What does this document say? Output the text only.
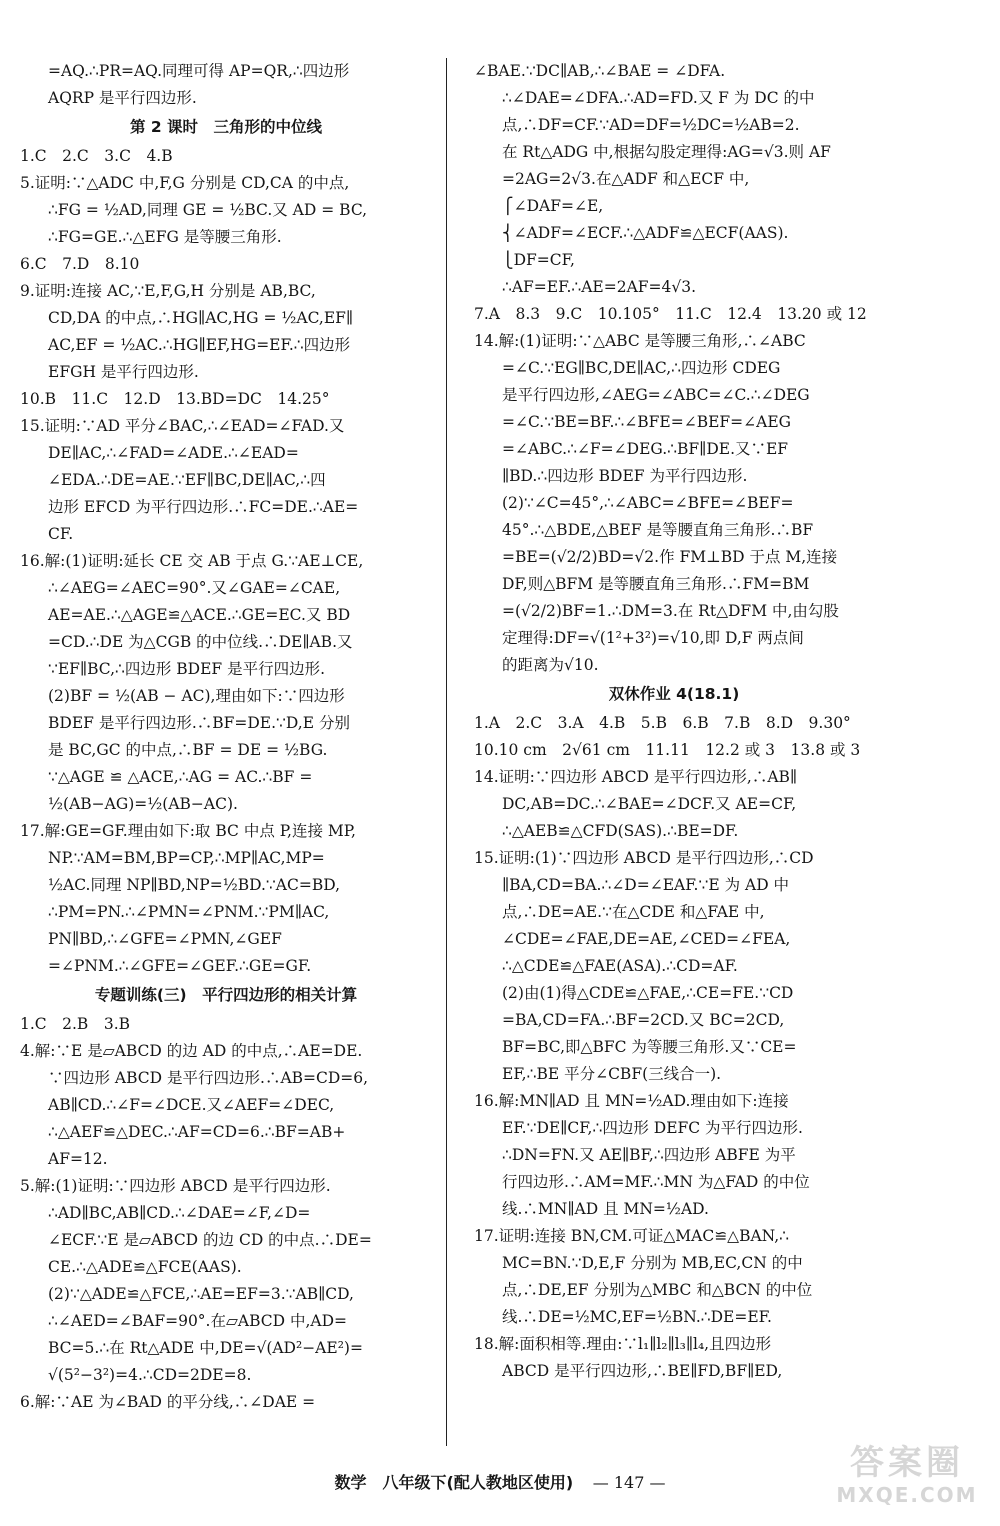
=AQ.∴PR=AQ.同理可得 AP=QR,∴四边形
AQRP 是平行四边形.
第 2 课时　三角形的中位线
1.C　2.C　3.C　4.B
5.证明:∵△ADC 中,F,G 分别是 CD,CA 的中点,
∴FG = ½AD,同理 GE = ½BC.又 AD = BC,
∴FG=GE.∴△EFG 是等腰三角形.
6.C　7.D　8.10
9.证明:连接 AC,∵E,F,G,H 分别是 AB,BC,
CD,DA 的中点,∴HG∥AC,HG = ½AC,EF∥
AC,EF = ½AC.∴HG∥EF,HG=EF.∴四边形
EFGH 是平行四边形.
10.B　11.C　12.D　13.BD=DC　14.25°
15.证明:∵AD 平分∠BAC,∴∠EAD=∠FAD.又
DE∥AC,∴∠FAD=∠ADE.∴∠EAD=
∠EDA.∴DE=AE.∵EF∥BC,DE∥AC,∴四
边形 EFCD 为平行四边形.∴FC=DE.∴AE=
CF.
16.解:(1)证明:延长 CE 交 AB 于点 G.∵AE⊥CE,
∴∠AEG=∠AEC=90°.又∠GAE=∠CAE,
AE=AE.∴△AGE≌△ACE.∴GE=EC.又 BD
=CD.∴DE 为△CGB 的中位线.∴DE∥AB.又
∵EF∥BC,∴四边形 BDEF 是平行四边形.
(2)BF = ½(AB − AC),理由如下:∵四边形
BDEF 是平行四边形.∴BF=DE.∵D,E 分别
是 BC,GC 的中点,∴BF = DE = ½BG.
∵△AGE ≌ △ACE,∴AG = AC.∴BF =
½(AB−AG)=½(AB−AC).
17.解:GE=GF.理由如下:取 BC 中点 P,连接 MP,
NP.∵AM=BM,BP=CP,∴MP∥AC,MP=
½AC.同理 NP∥BD,NP=½BD.∵AC=BD,
∴PM=PN.∴∠PMN=∠PNM.∵PM∥AC,
PN∥BD,∴∠GFE=∠PMN,∠GEF
=∠PNM.∴∠GFE=∠GEF.∴GE=GF.
专题训练(三)　平行四边形的相关计算
1.C　2.B　3.B
4.解:∵E 是▱ABCD 的边 AD 的中点,∴AE=DE.
∵四边形 ABCD 是平行四边形.∴AB=CD=6,
AB∥CD.∴∠F=∠DCE.又∠AEF=∠DEC,
∴△AEF≌△DEC.∴AF=CD=6.∴BF=AB+
AF=12.
5.解:(1)证明:∵四边形 ABCD 是平行四边形.
∴AD∥BC,AB∥CD.∴∠DAE=∠F,∠D=
∠ECF.∵E 是▱ABCD 的边 CD 的中点.∴DE=
CE.∴△ADE≌△FCE(AAS).
(2)∵△ADE≌△FCE,∴AE=EF=3.∵AB∥CD,
∴∠AED=∠BAF=90°.在▱ABCD 中,AD=
BC=5.∴在 Rt△ADE 中,DE=√(AD²−AE²)=
√(5²−3²)=4.∴CD=2DE=8.
6.解:∵AE 为∠BAD 的平分线,∴∠DAE =
∠BAE.∵DC∥AB,∴∠BAE = ∠DFA.
∴∠DAE=∠DFA.∴AD=FD.又 F 为 DC 的中
点,∴DF=CF.∵AD=DF=½DC=½AB=2.
在 Rt△ADG 中,根据勾股定理得:AG=√3.则 AF
=2AG=2√3.在△ADF 和△ECF 中,
⎧∠DAF=∠E,
⎨∠ADF=∠ECF.∴△ADF≌△ECF(AAS).
⎩DF=CF,
∴AF=EF.∴AE=2AF=4√3.
7.A　8.3　9.C　10.105°　11.C　12.4　13.20 或 12
14.解:(1)证明:∵△ABC 是等腰三角形,∴∠ABC
=∠C.∵EG∥BC,DE∥AC,∴四边形 CDEG
是平行四边形,∠AEG=∠ABC=∠C.∴∠DEG
=∠C.∵BE=BF.∴∠BFE=∠BEF=∠AEG
=∠ABC.∴∠F=∠DEG.∴BF∥DE.又∵EF
∥BD.∴四边形 BDEF 为平行四边形.
(2)∵∠C=45°,∴∠ABC=∠BFE=∠BEF=
45°.∴△BDE,△BEF 是等腰直角三角形.∴BF
=BE=(√2/2)BD=√2.作 FM⊥BD 于点 M,连接
DF,则△BFM 是等腰直角三角形.∴FM=BM
=(√2/2)BF=1.∴DM=3.在 Rt△DFM 中,由勾股
定理得:DF=√(1²+3²)=√10,即 D,F 两点间
的距离为√10.
双休作业 4(18.1)
1.A　2.C　3.A　4.B　5.B　6.B　7.B　8.D　9.30°
10.10 cm　2√61 cm　11.11　12.2 或 3　13.8 或 3
14.证明:∵四边形 ABCD 是平行四边形,∴AB∥
DC,AB=DC.∴∠BAE=∠DCF.又 AE=CF,
∴△AEB≌△CFD(SAS).∴BE=DF.
15.证明:(1)∵四边形 ABCD 是平行四边形,∴CD
∥BA,CD=BA.∴∠D=∠EAF.∵E 为 AD 中
点,∴DE=AE.∵在△CDE 和△FAE 中,
∠CDE=∠FAE,DE=AE,∠CED=∠FEA,
∴△CDE≌△FAE(ASA).∴CD=AF.
(2)由(1)得△CDE≌△FAE,∴CE=FE.∵CD
=BA,CD=FA.∴BF=2CD.又 BC=2CD,
BF=BC,即△BFC 为等腰三角形.又∵CE=
EF,∴BE 平分∠CBF(三线合一).
16.解:MN∥AD 且 MN=½AD.理由如下:连接
EF.∵DE∥CF,∴四边形 DEFC 为平行四边形.
∴DN=FN.又 AE∥BF,∴四边形 ABFE 为平
行四边形.∴AM=MF.∴MN 为△FAD 的中位
线.∴MN∥AD 且 MN=½AD.
17.证明:连接 BN,CM.可证△MAC≌△BAN,∴
MC=BN.∵D,E,F 分别为 MB,EC,CN 的中
点,∴DE,EF 分别为△MBC 和△BCN 的中位
线.∴DE=½MC,EF=½BN.∴DE=EF.
18.解:面积相等.理由:∵l₁∥l₂∥l₃∥l₄,且四边形
ABCD 是平行四边形,∴BE∥FD,BF∥ED,
数学　八年级下(配人教地区使用) — 147 —	答案圈
MXQE.COM
